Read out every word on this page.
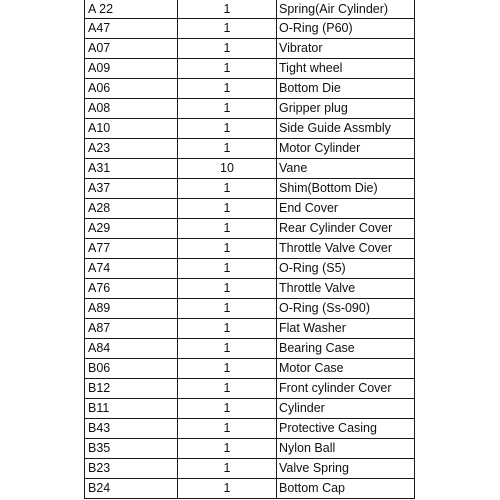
A 22	1	Spring(Air Cylinder)
A47	1	O-Ring (P60)
A07	1	Vibrator
A09	1	Tight wheel
A06	1	Bottom Die
A08	1	Gripper plug
A10	1	Side Guide Assmbly
A23	1	Motor Cylinder
A31	10	Vane
A37	1	Shim(Bottom Die)
A28	1	End Cover
A29	1	Rear Cylinder Cover
A77	1	Throttle Valve Cover
A74	1	O-Ring (S5)
A76	1	Throttle Valve
A89	1	O-Ring (Ss-090)
A87	1	Flat Washer
A84	1	Bearing Case
B06	1	Motor Case
B12	1	Front cylinder Cover
B11	1	Cylinder
B43	1	Protective Casing
B35	1	Nylon Ball
B23	1	Valve Spring
B24	1	Bottom Cap
